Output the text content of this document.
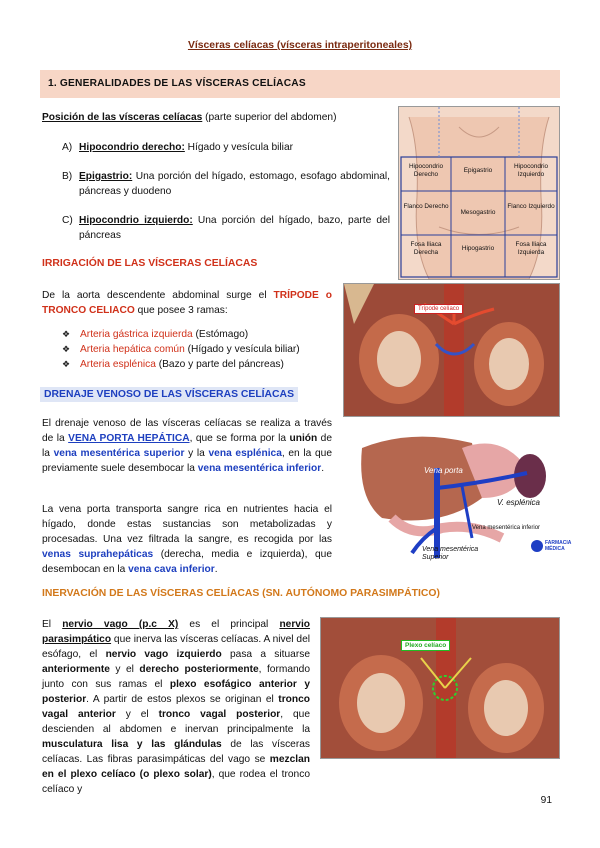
Vísceras celíacas (vísceras intraperitoneales)
1. GENERALIDADES DE LAS VÍSCERAS CELÍACAS
Posición de las vísceras celíacas (parte superior del abdomen)

A) Hipocondrio derecho: Hígado y vesícula biliar

B) Epigastrio: Una porción del hígado, estomago, esofago abdominal, páncreas y duodeno

C) Hipocondrio izquierdo: Una porción del hígado, bazo, parte del páncreas

Hipocondrio Derecho
Epigastrio
Hipocondrio Izquierdo
Flanco Derecho
Mesogastrio
Flanco Izquierdo
Fosa Iliaca Derecha
Hipogastrio
Fosa Iliaca Izquierda
IRRIGACIÓN DE LAS VÍSCERAS CELÍACAS

De la aorta descendente abdominal surge el TRÍPODE o TRONCO CELIACO que posee 3 ramas:

❖ Arteria gástrica izquierda (Estómago)
❖ Arteria hepática común (Hígado y vesícula biliar)
❖ Arteria esplénica (Bazo y parte del páncreas)
Trípode celíaco
DRENAJE VENOSO DE LAS VÍSCERAS CELÍACAS

El drenaje venoso de las vísceras celíacas se realiza a través de la VENA PORTA HEPÁTICA, que se forma por la unión de la vena mesentérica superior y la vena esplénica, en la que previamente suele desembocar la vena mesentérica inferior.

La vena porta transporta sangre rica en nutrientes hacia el hígado, donde estas sustancias son metabolizadas y procesadas. Una vez filtrada la sangre, es recogida por las venas suprahepáticas (derecha, media e izquierda), que desembocan en la vena cava inferior.

Vena porta
V. esplénica
Vena mesentérica inferior
Vena mesentérica Superior
FARMACIA MÉDICA
INERVACIÓN DE LAS VÍSCERAS CELÍACAS (SN. AUTÓNOMO PARASIMPÁTICO)

El nervio vago (p.c X) es el principal nervio parasimpático que inerva las vísceras celíacas. A nivel del esófago, el nervio vago izquierdo pasa a situarse anteriormente y el derecho posteriormente, formando junto con sus ramas el plexo esofágico anterior y posterior. A partir de estos plexos se originan el tronco vagal anterior y el tronco vagal posterior, que descienden al abdomen e inervan principalmente la musculatura lisa y las glándulas de las vísceras celíacas. Las fibras parasimpáticas del vago se mezclan en el plexo celíaco (o plexo solar), que rodea el tronco celíaco y

Plexo celíaco
91
